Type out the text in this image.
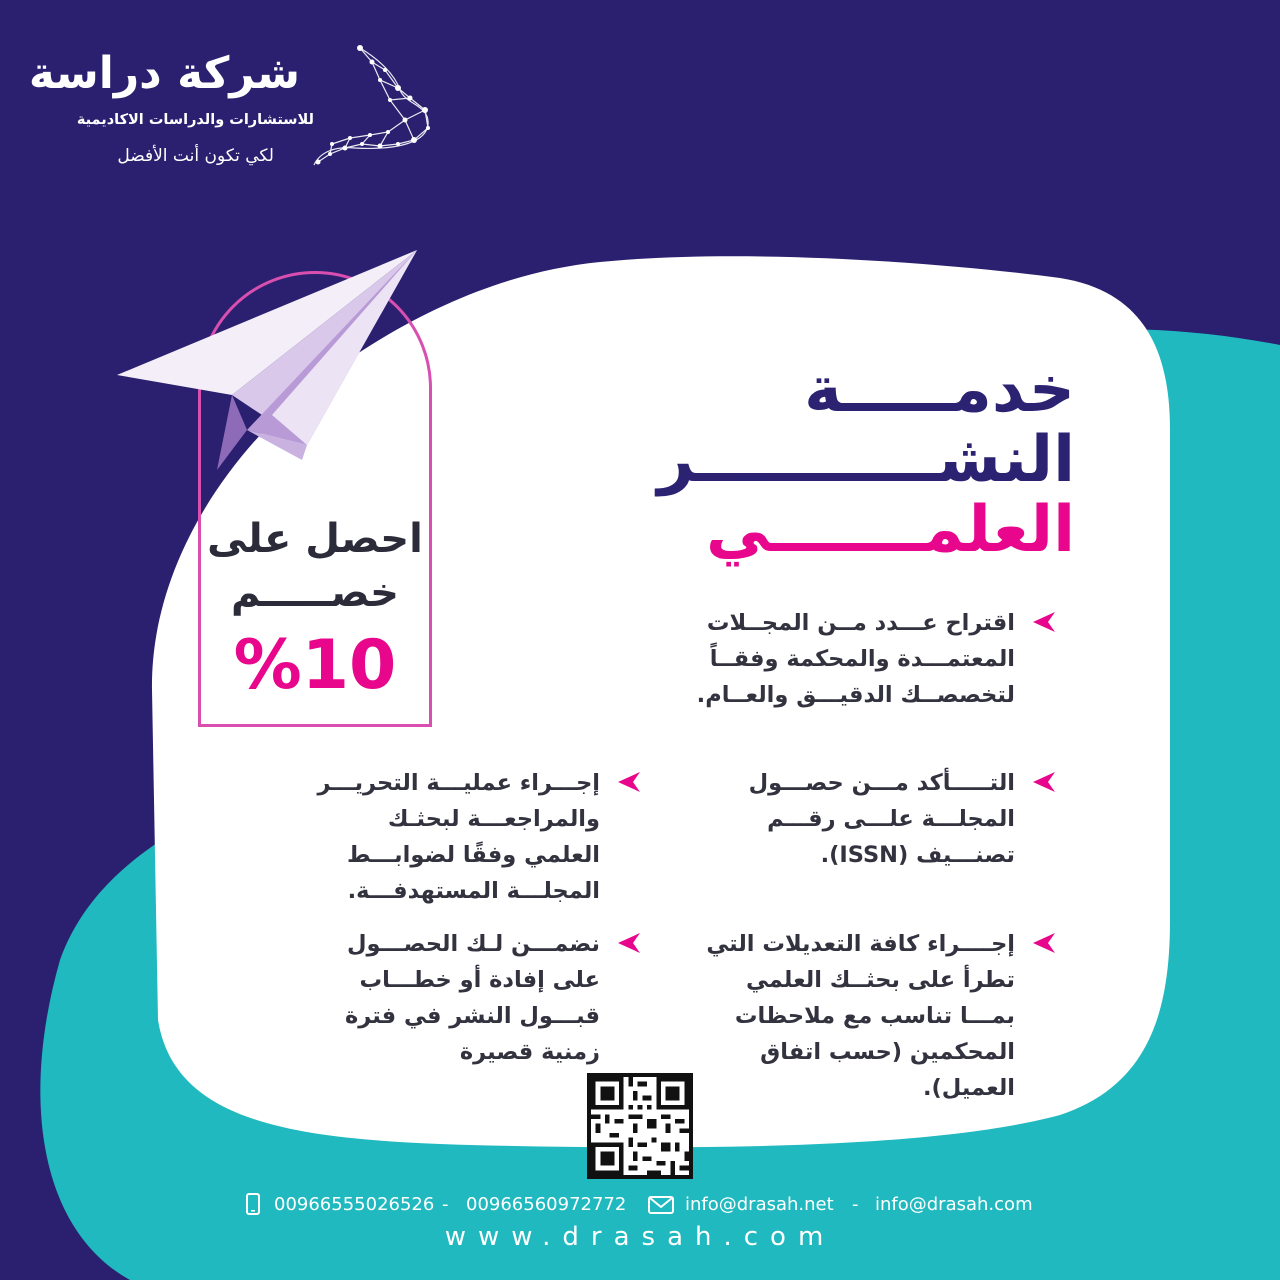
شركة دراسة
للاستشارات والدراسات الاكاديمية
لكي تكون أنت الأفضل
خدمـــــة
النشـــــــــــر
العلمـــــــي
احصل على
خصـــــم
%10
اقتراح عـــدد مــن المجــلات المعتمـــدة والمحكمة وفقــاً لتخصصــك الدقيـــق والعــام.
التـــــأكد مـــن حصـــول المجلـــة علـــى رقـــم تصنـــيف (ISSN).
إجــــراء كافة التعديلات التي تطرأ على بحثــك العلمي بمـــا تناسب مع ملاحظات المحكمين (حسب اتفاق العميل).
إجـــراء عمليـــة التحريـــر والمراجعـــة لبحثـك العلمي وفقًا لضوابـــط المجلـــة المستهدفـــة.
نضمـــن لـك الحصـــول على إفادة أو خطـــاب قبـــول النشر في فترة زمنية قصيرة
00966555026526 - 00966560972772	info@drasah.net - info@drasah.com
www.drasah.com
